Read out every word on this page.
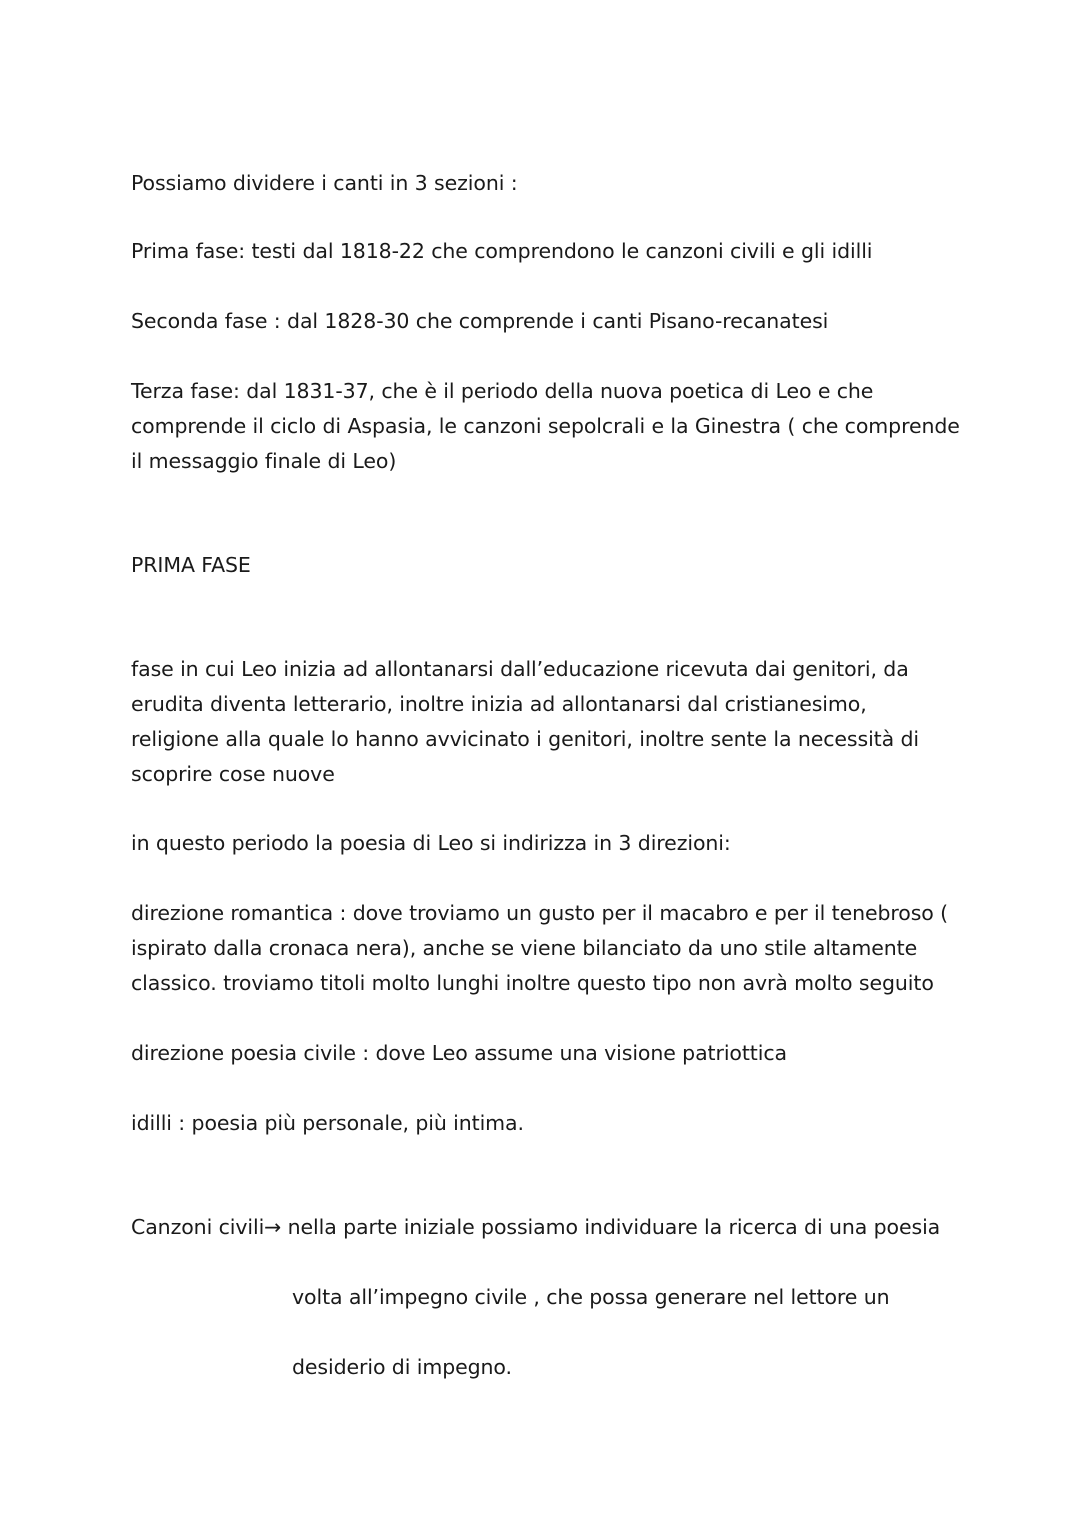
Possiamo dividere i canti in 3 sezioni :
Prima fase: testi dal 1818-22 che comprendono le canzoni civili e gli idilli
Seconda fase : dal 1828-30 che comprende i canti Pisano-recanatesi
Terza fase: dal 1831-37, che è il periodo della nuova poetica di Leo e che
comprende il ciclo di Aspasia, le canzoni sepolcrali e la Ginestra ( che comprende
il messaggio finale di Leo)
PRIMA FASE
fase in cui Leo inizia ad allontanarsi dall’educazione ricevuta dai genitori, da
erudita diventa letterario, inoltre inizia ad allontanarsi dal cristianesimo,
religione alla quale lo hanno avvicinato i genitori, inoltre sente la necessità di
scoprire cose nuove
in questo periodo la poesia di Leo si indirizza in 3 direzioni:
direzione romantica : dove troviamo un gusto per il macabro e per il tenebroso (
ispirato dalla cronaca nera), anche se viene bilanciato da uno stile altamente
classico. troviamo titoli molto lunghi inoltre questo tipo non avrà molto seguito
direzione poesia civile : dove Leo assume una visione patriottica
idilli : poesia più personale, più intima.
Canzoni civili→ nella parte iniziale possiamo individuare la ricerca di una poesia
volta all’impegno civile , che possa generare nel lettore un
desiderio di impegno.
